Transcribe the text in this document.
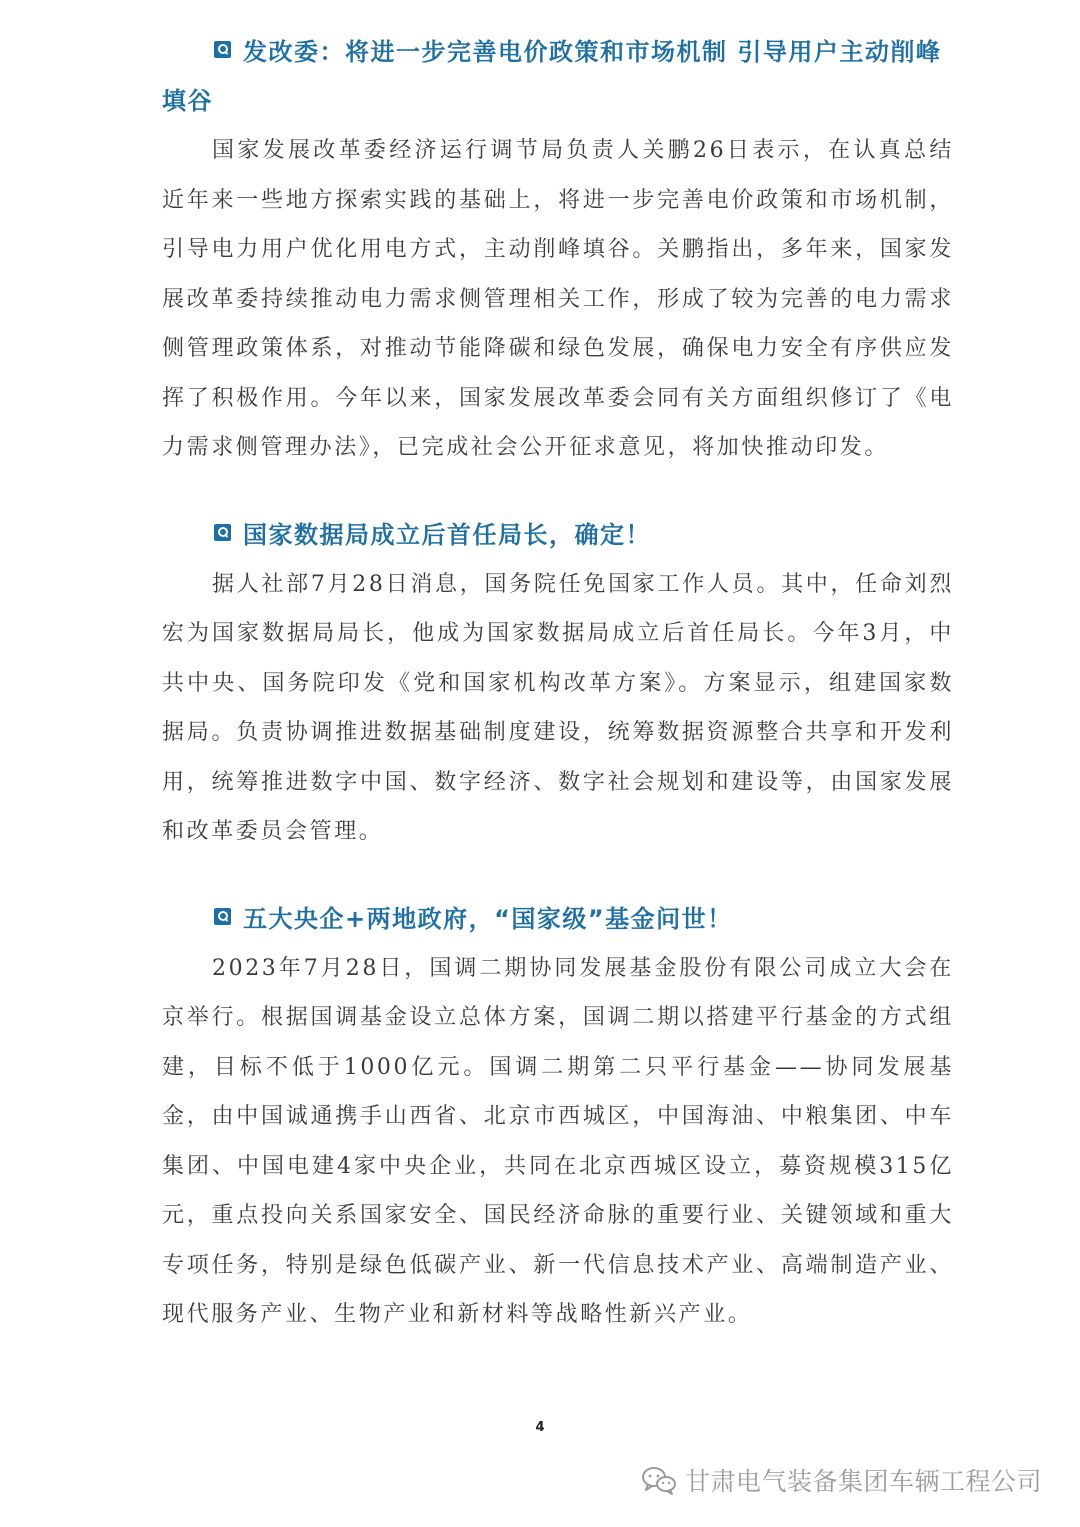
发改委：将进一步完善电价政策和市场机制 引导用户主动削峰填谷

国家发展改革委经济运行调节局负责人关鹏26日表示，在认真总结近年来一些地方探索实践的基础上，将进一步完善电价政策和市场机制，引导电力用户优化用电方式，主动削峰填谷。关鹏指出，多年来，国家发展改革委持续推动电力需求侧管理相关工作，形成了较为完善的电力需求侧管理政策体系，对推动节能降碳和绿色发展，确保电力安全有序供应发挥了积极作用。今年以来，国家发展改革委会同有关方面组织修订了《电力需求侧管理办法》，已完成社会公开征求意见，将加快推动印发。

国家数据局成立后首任局长，确定！

据人社部7月28日消息，国务院任免国家工作人员。其中，任命刘烈宏为国家数据局局长，他成为国家数据局成立后首任局长。今年3月，中共中央、国务院印发《党和国家机构改革方案》。方案显示，组建国家数据局。负责协调推进数据基础制度建设，统筹数据资源整合共享和开发利用，统筹推进数字中国、数字经济、数字社会规划和建设等，由国家发展和改革委员会管理。

五大央企+两地政府，“国家级”基金问世！

2023年7月28日，国调二期协同发展基金股份有限公司成立大会在京举行。根据国调基金设立总体方案，国调二期以搭建平行基金的方式组建，目标不低于1000亿元。国调二期第二只平行基金——协同发展基金，由中国诚通携手山西省、北京市西城区，中国海油、中粮集团、中车集团、中国电建4家中央企业，共同在北京西城区设立，募资规模315亿元，重点投向关系国家安全、国民经济命脉的重要行业、关键领域和重大专项任务，特别是绿色低碳产业、新一代信息技术产业、高端制造产业、现代服务产业、生物产业和新材料等战略性新兴产业。

4
甘肃电气装备集团车辆工程公司
